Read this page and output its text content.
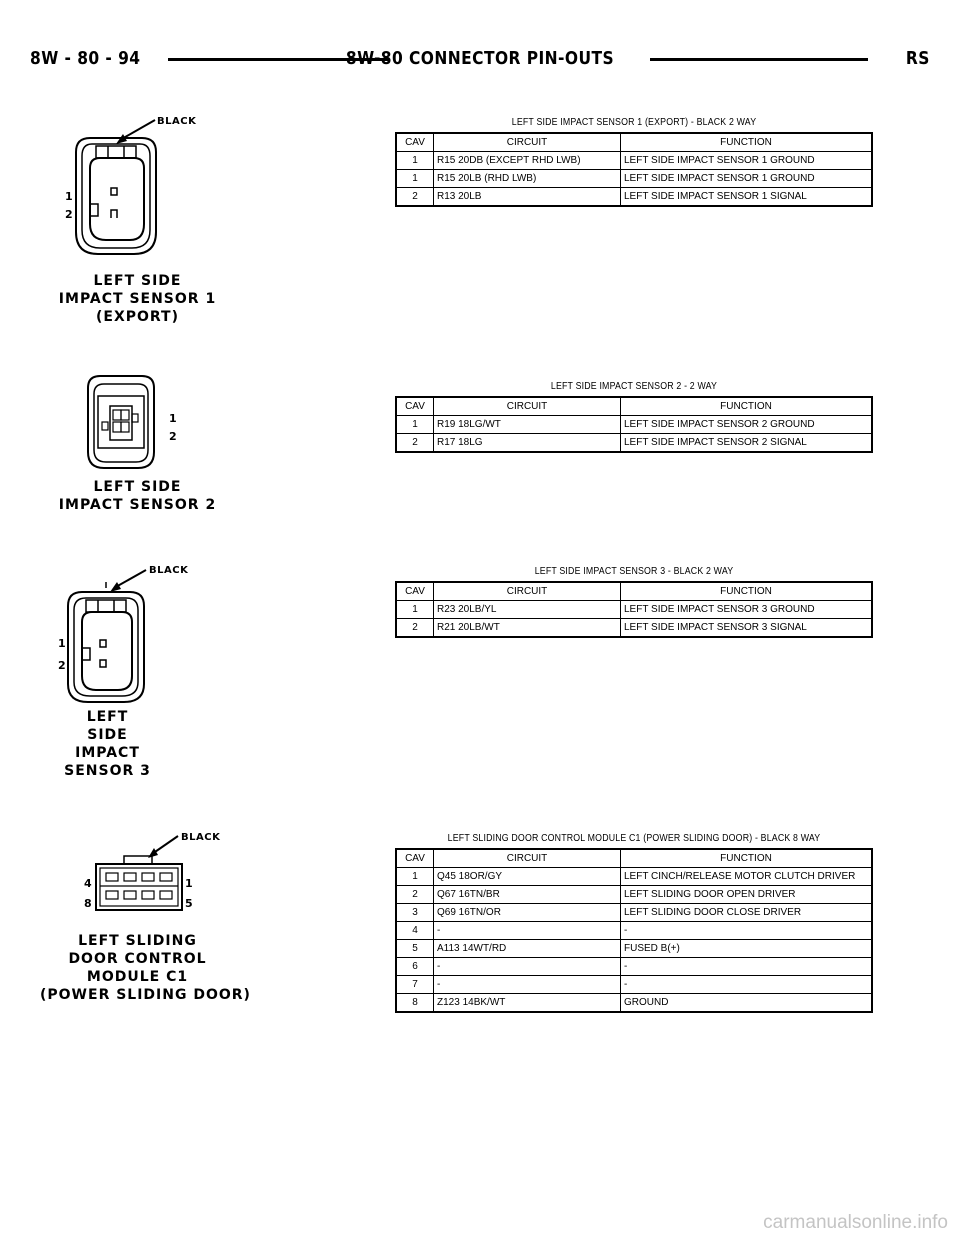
8W - 80 - 94	8W-80 CONNECTOR PIN-OUTS	RS
BLACK
1
2
LEFT SIDE
IMPACT SENSOR 1
(EXPORT)
LEFT SIDE IMPACT SENSOR 1 (EXPORT) - BLACK 2 WAY
CAV	CIRCUIT	FUNCTION
1	R15 20DB (EXCEPT RHD LWB)	LEFT SIDE IMPACT SENSOR 1 GROUND
1	R15 20LB (RHD LWB)	LEFT SIDE IMPACT SENSOR 1 GROUND
2	R13 20LB	LEFT SIDE IMPACT SENSOR 1 SIGNAL
1
2
LEFT SIDE
IMPACT SENSOR 2
LEFT SIDE IMPACT SENSOR 2 - 2 WAY
CAV	CIRCUIT	FUNCTION
1	R19 18LG/WT	LEFT SIDE IMPACT SENSOR 2 GROUND
2	R17 18LG	LEFT SIDE IMPACT SENSOR 2 SIGNAL
BLACK
1
2
LEFT
SIDE
IMPACT
SENSOR 3
LEFT SIDE IMPACT SENSOR 3 - BLACK 2 WAY
CAV	CIRCUIT	FUNCTION
1	R23 20LB/YL	LEFT SIDE IMPACT SENSOR 3 GROUND
2	R21 20LB/WT	LEFT SIDE IMPACT SENSOR 3 SIGNAL
BLACK
4
8
1
5
LEFT SLIDING
DOOR CONTROL
MODULE C1
(POWER SLIDING DOOR)
LEFT SLIDING DOOR CONTROL MODULE C1 (POWER SLIDING DOOR) - BLACK 8 WAY
CAV	CIRCUIT	FUNCTION
1	Q45 18OR/GY	LEFT CINCH/RELEASE MOTOR CLUTCH DRIVER
2	Q67 16TN/BR	LEFT SLIDING DOOR OPEN DRIVER
3	Q69 16TN/OR	LEFT SLIDING DOOR CLOSE DRIVER
4	-	-
5	A113 14WT/RD	FUSED B(+)
6	-	-
7	-	-
8	Z123 14BK/WT	GROUND
carmanualsonline.info
